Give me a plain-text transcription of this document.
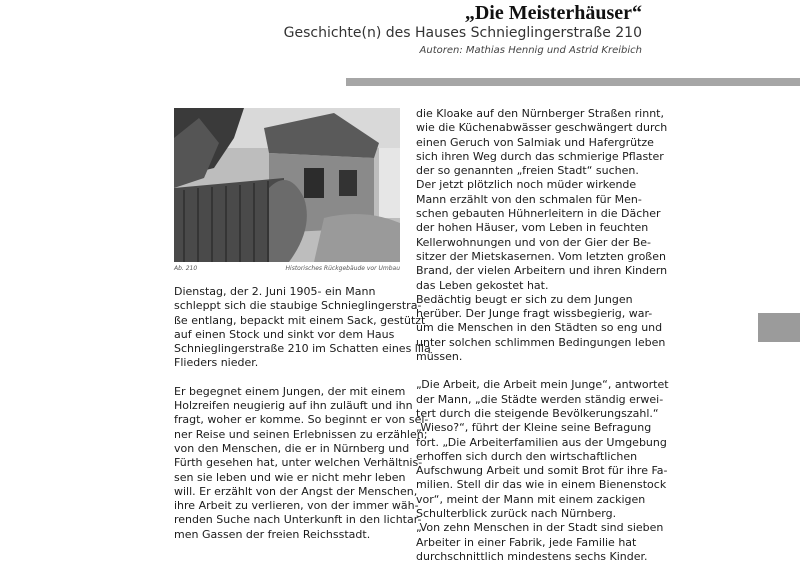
„Die Meisterhäuser“
Geschichte(n) des Hauses Schnieglingerstraße 210
Autoren: Mathias Hennig und Astrid Kreibich
Ab. 210	Historisches Rückgebäude vor Umbau

Dienstag, der 2. Juni 1905- ein Mann

schleppt sich die staubige Schnieglingerstra-

ße entlang, bepackt mit einem Sack, gestützt

auf einen Stock und sinkt vor dem Haus

Schnieglingerstraße 210 im Schatten eines lila

Flieders nieder.

Er begegnet einem Jungen, der mit einem

Holzreifen neugierig auf ihn zuläuft und ihn

fragt, woher er komme. So beginnt er von sei-

ner Reise und seinen Erlebnissen zu erzählen;

von den Menschen, die er in Nürnberg und

Fürth gesehen hat, unter welchen Verhältnis-

sen sie leben und wie er nicht mehr leben

will. Er erzählt von der Angst der Menschen,

ihre Arbeit zu verlieren, von der immer wäh-

renden Suche nach Unterkunft in den lichtar-

men Gassen der freien Reichsstadt.

die Kloake auf den Nürnberger Straßen rinnt,

wie die Küchenabwässer geschwängert durch

einen Geruch von Salmiak und Hafergrütze

sich ihren Weg durch das schmierige Pflaster

der so genannten „freien Stadt“ suchen.

Der jetzt plötzlich noch müder wirkende

Mann erzählt von den schmalen für Men-

schen gebauten Hühnerleitern in die Dächer

der hohen Häuser, vom Leben in feuchten

Kellerwohnungen und von der Gier der Be-

sitzer der Mietskasernen. Vom letzten großen

Brand, der vielen Arbeitern und ihren Kindern

das Leben gekostet hat.

Bedächtig beugt er sich zu dem Jungen

herüber. Der Junge fragt wissbegierig, war-

um die Menschen in den Städten so eng und

unter solchen schlimmen Bedingungen leben

müssen.

„Die Arbeit, die Arbeit mein Junge“, antwortet

der Mann, „die Städte werden ständig erwei-

tert durch die steigende Bevölkerungszahl.“

„Wieso?“, führt der Kleine seine Befragung

fort. „Die Arbeiterfamilien aus der Umgebung

erhoffen sich durch den wirtschaftlichen

Aufschwung Arbeit und somit Brot für ihre Fa-

milien. Stell dir das wie in einem Bienenstock

vor“, meint der Mann mit einem zackigen

Schulterblick zurück nach Nürnberg.

„Von zehn Menschen in der Stadt sind sieben

Arbeiter in einer Fabrik, jede Familie hat

durchschnittlich mindestens sechs Kinder.
